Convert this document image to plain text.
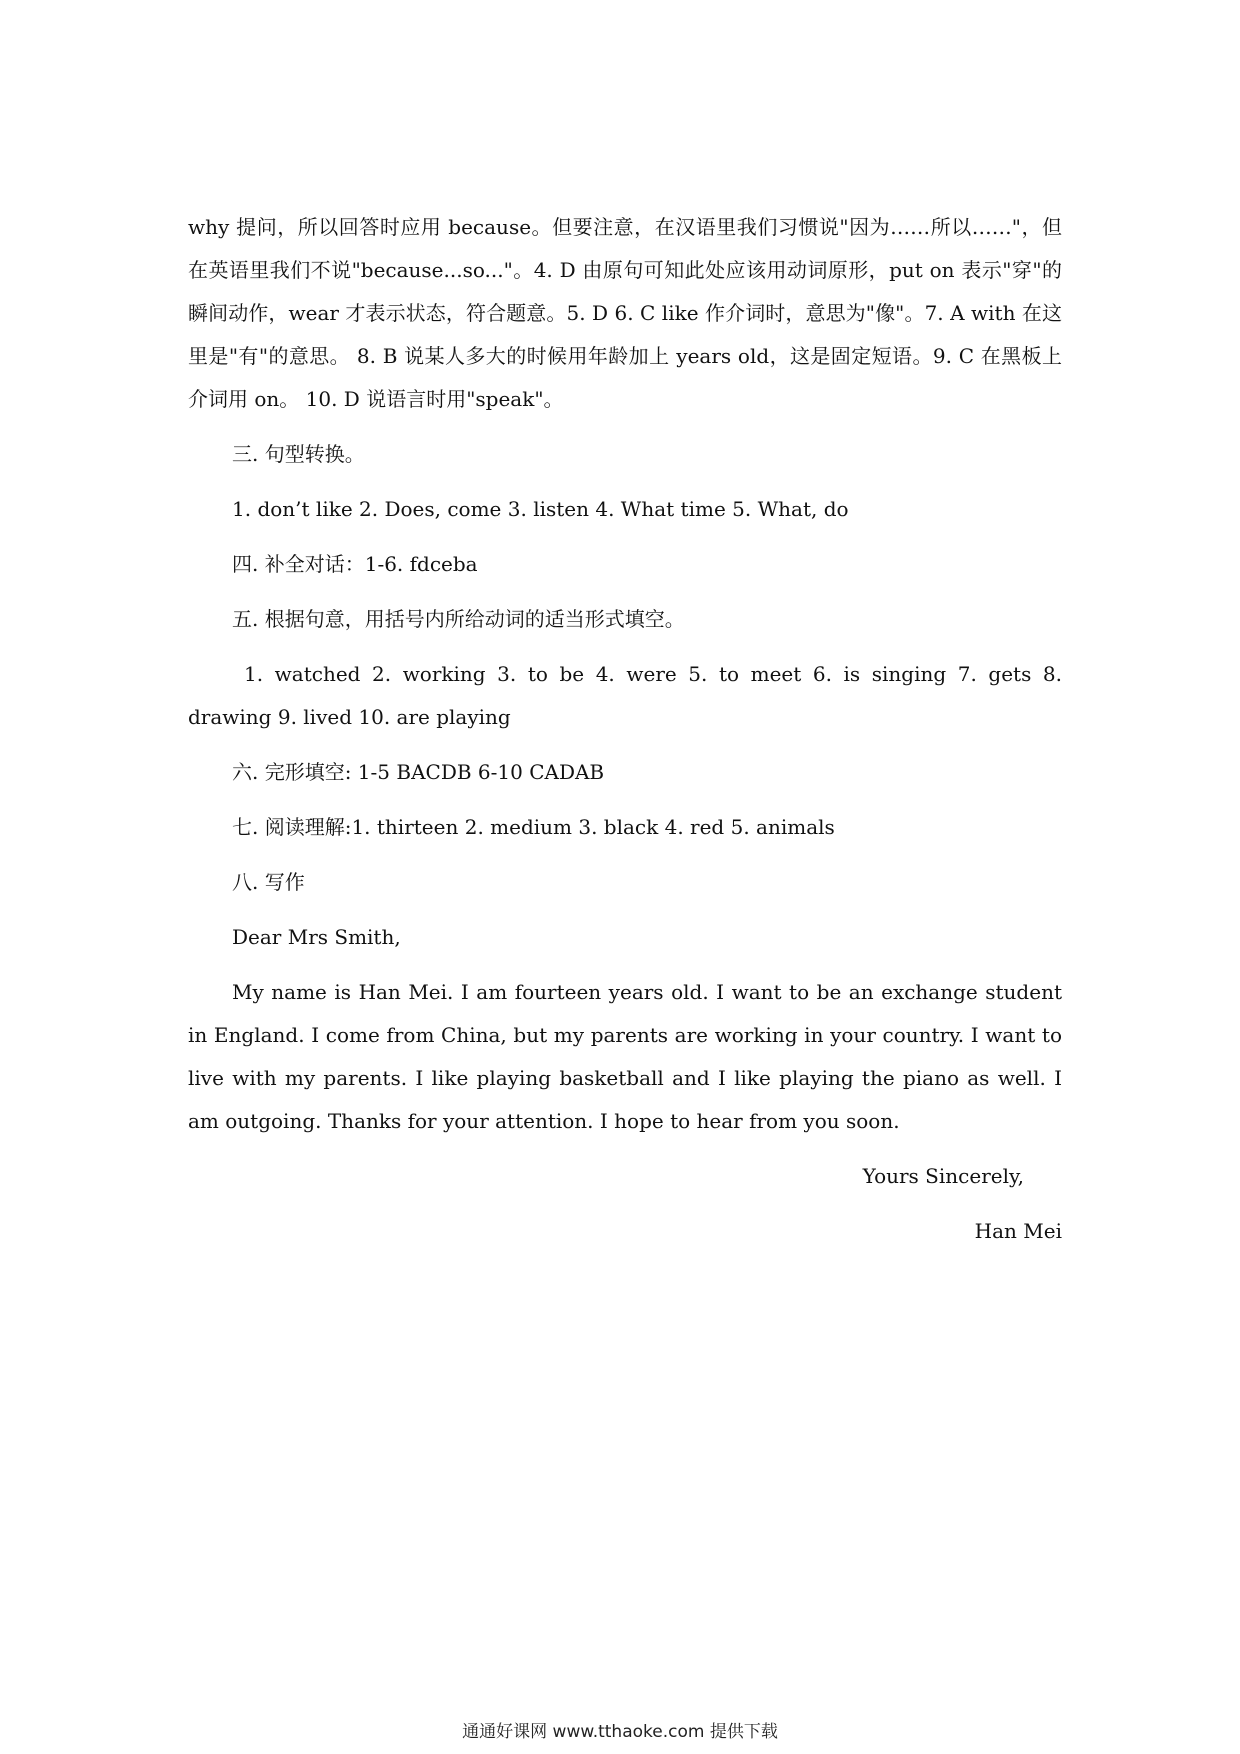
why 提问，所以回答时应用 because。但要注意，在汉语里我们习惯说"因为……所以……"，但在英语里我们不说"because...so..."。4. D 由原句可知此处应该用动词原形，put on 表示"穿"的瞬间动作，wear 才表示状态，符合题意。5. D 6. C like 作介词时，意思为"像"。7. A with 在这里是"有"的意思。 8. B 说某人多大的时候用年龄加上 years old，这是固定短语。9. C 在黑板上介词用 on。 10. D 说语言时用"speak"。

三. 句型转换。

1. don’t like 2. Does, come 3. listen 4. What time 5. What, do

四. 补全对话：1-6. fdceba

五. 根据句意，用括号内所给动词的适当形式填空。

1. watched 2. working 3. to be 4. were 5. to meet 6. is singing 7. gets 8. drawing 9. lived 10. are playing

六. 完形填空: 1-5 BACDB 6-10 CADAB

七. 阅读理解:1. thirteen 2. medium 3. black 4. red 5. animals

八. 写作

Dear Mrs Smith,

My name is Han Mei. I am fourteen years old. I want to be an exchange student in England. I come from China, but my parents are working in your country. I want to live with my parents. I like playing basketball and I like playing the piano as well. I am outgoing. Thanks for your attention. I hope to hear from you soon.

Yours Sincerely,

Han Mei

通通好课网 www.tthaoke.com 提供下载
